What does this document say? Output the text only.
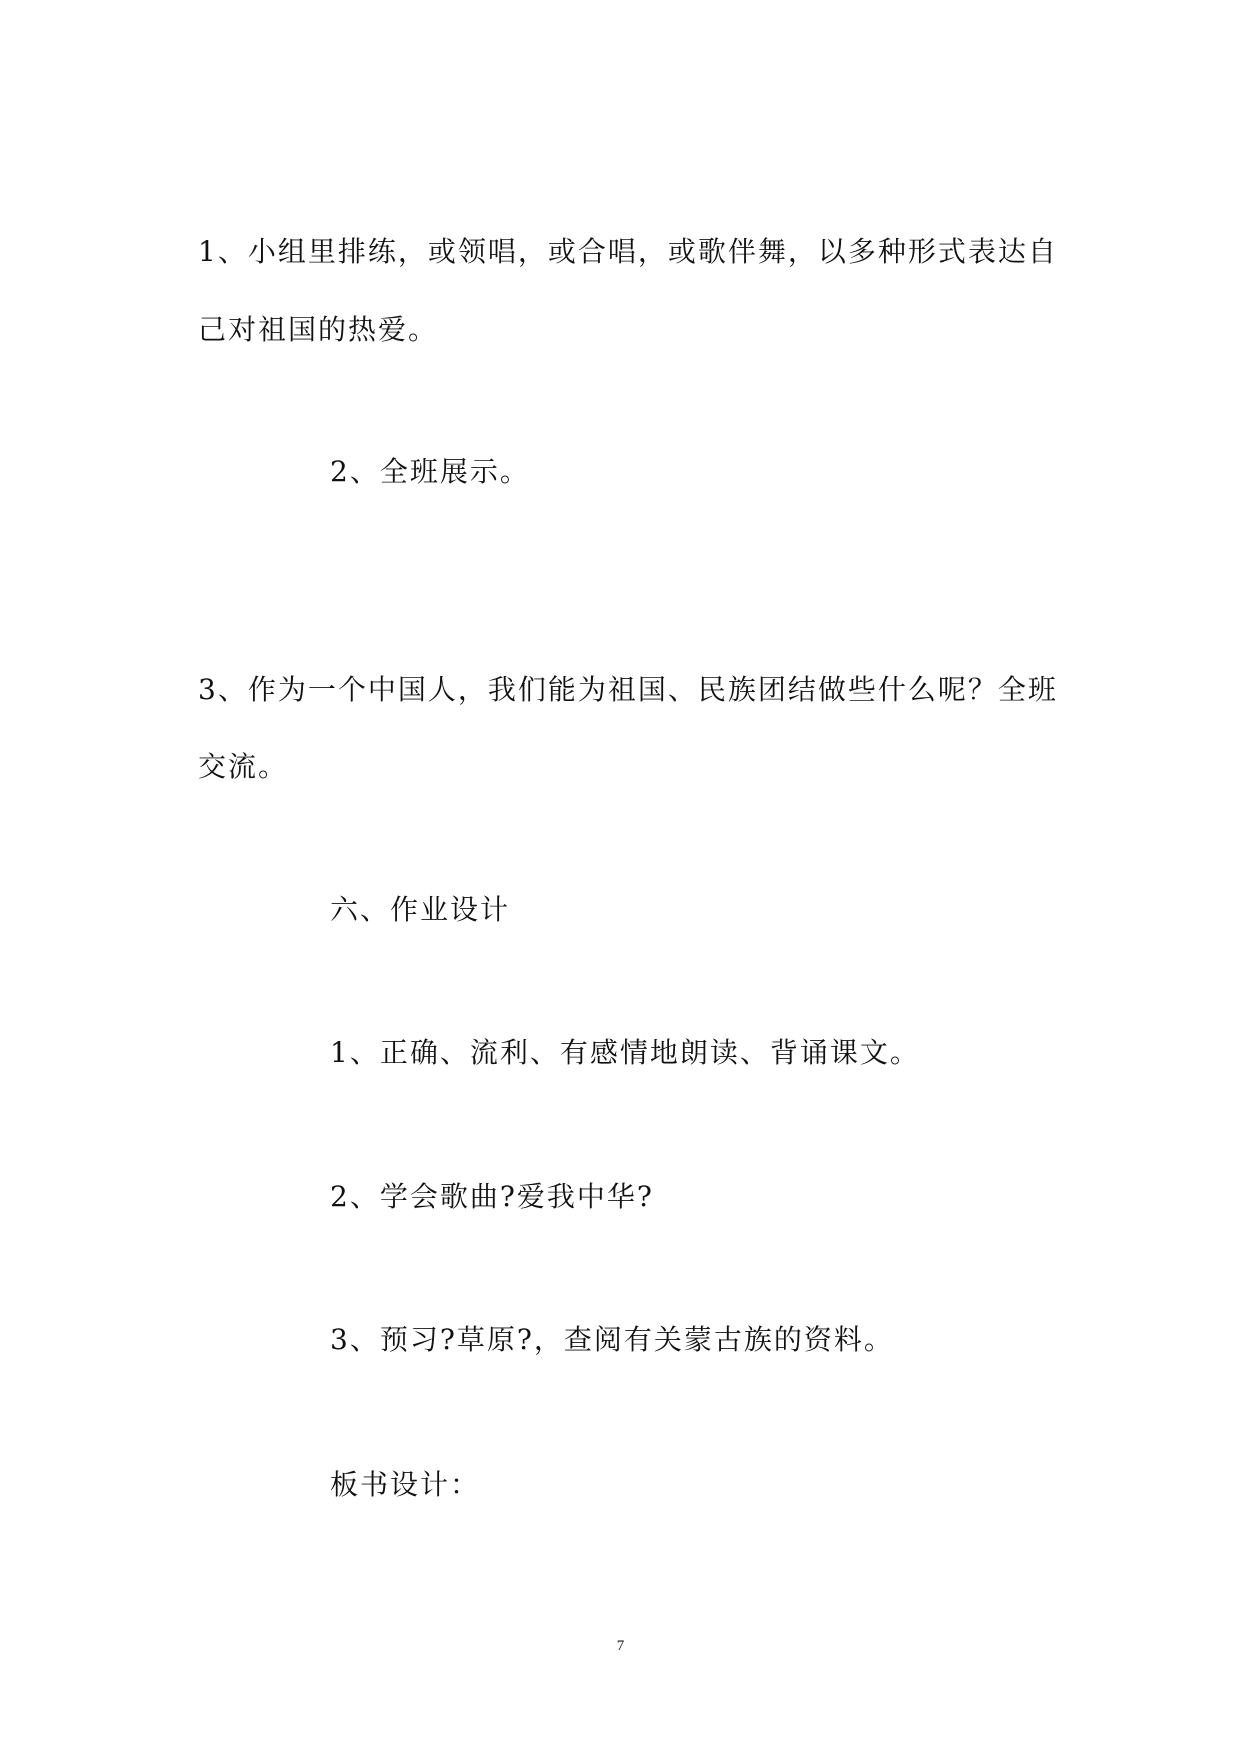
1、小组里排练，或领唱，或合唱，或歌伴舞，以多种形式表达自

己对祖国的热爱。

2、全班展示。

3、作为一个中国人，我们能为祖国、民族团结做些什么呢？全班

交流。

六、作业设计

1、正确、流利、有感情地朗读、背诵课文。

2、学会歌曲?爱我中华?

3、预习?草原?，查阅有关蒙古族的资料。

板书设计：

7
